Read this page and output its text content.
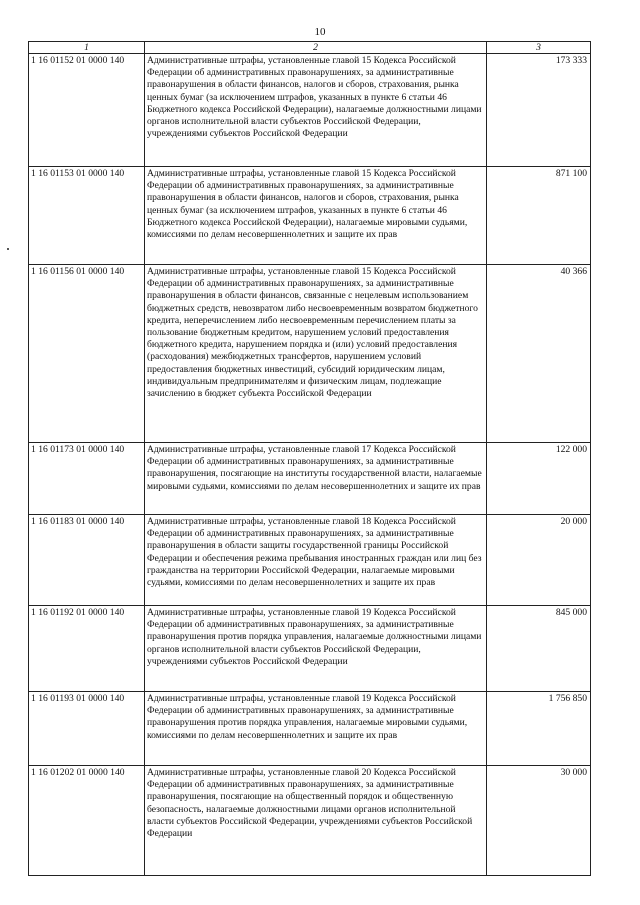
10
1	2	3
1 16 01152 01 0000 140	Административные штрафы, установленные главой 15 Кодекса Российской Федерации об административных правонарушениях, за административные правонарушения в области финансов, налогов и сборов, страхования, рынка ценных бумаг (за исключением штрафов, указанных в пункте 6 статьи 46 Бюджетного кодекса Российской Федерации), налагаемые должностными лицами органов исполнительной власти субъектов Российской Федерации, учреждениями субъектов Российской Федерации	173 333
1 16 01153 01 0000 140	Административные штрафы, установленные главой 15 Кодекса Российской Федерации об административных правонарушениях, за административные правонарушения в области финансов, налогов и сборов, страхования, рынка ценных бумаг (за исключением штрафов, указанных в пункте 6 статьи 46 Бюджетного кодекса Российской Федерации), налагаемые мировыми судьями, комиссиями по делам несовершеннолетних и защите их прав	871 100
1 16 01156 01 0000 140	Административные штрафы, установленные главой 15 Кодекса Российской Федерации об административных правонарушениях, за административные правонарушения в области финансов, связанные с нецелевым использованием бюджетных средств, невозвратом либо несвоевременным возвратом бюджетного кредита, неперечислением либо несвоевременным перечислением платы за пользование бюджетным кредитом, нарушением условий предоставления бюджетного кредита, нарушением порядка и (или) условий предоставления (расходования) межбюджетных трансфертов, нарушением условий предоставления бюджетных инвестиций, субсидий юридическим лицам, индивидуальным предпринимателям и физическим лицам, подлежащие зачислению в бюджет субъекта Российской Федерации	40 366
1 16 01173 01 0000 140	Административные штрафы, установленные главой 17 Кодекса Российской Федерации об административных правонарушениях, за административные правонарушения, посягающие на институты государственной власти, налагаемые мировыми судьями, комиссиями по делам несовершеннолетних и защите их прав	122 000
1 16 01183 01 0000 140	Административные штрафы, установленные главой 18 Кодекса Российской Федерации об административных правонарушениях, за административные правонарушения в области защиты государственной границы Российской Федерации и обеспечения режима пребывания иностранных граждан или лиц без гражданства на территории Российской Федерации, налагаемые мировыми судьями, комиссиями по делам несовершеннолетних и защите их прав	20 000
1 16 01192 01 0000 140	Административные штрафы, установленные главой 19 Кодекса Российской Федерации об административных правонарушениях, за административные правонарушения против порядка управления, налагаемые должностными лицами органов исполнительной власти субъектов Российской Федерации, учреждениями субъектов Российской Федерации	845 000
1 16 01193 01 0000 140	Административные штрафы, установленные главой 19 Кодекса Российской Федерации об административных правонарушениях, за административные правонарушения против порядка управления, налагаемые мировыми судьями, комиссиями по делам несовершеннолетних и защите их прав	1 756 850
1 16 01202 01 0000 140	Административные штрафы, установленные главой 20 Кодекса Российской Федерации об административных правонарушениях, за административные правонарушения, посягающие на общественный порядок и общественную безопасность, налагаемые должностными лицами органов исполнительной власти субъектов Российской Федерации, учреждениями субъектов Российской Федерации	30 000
